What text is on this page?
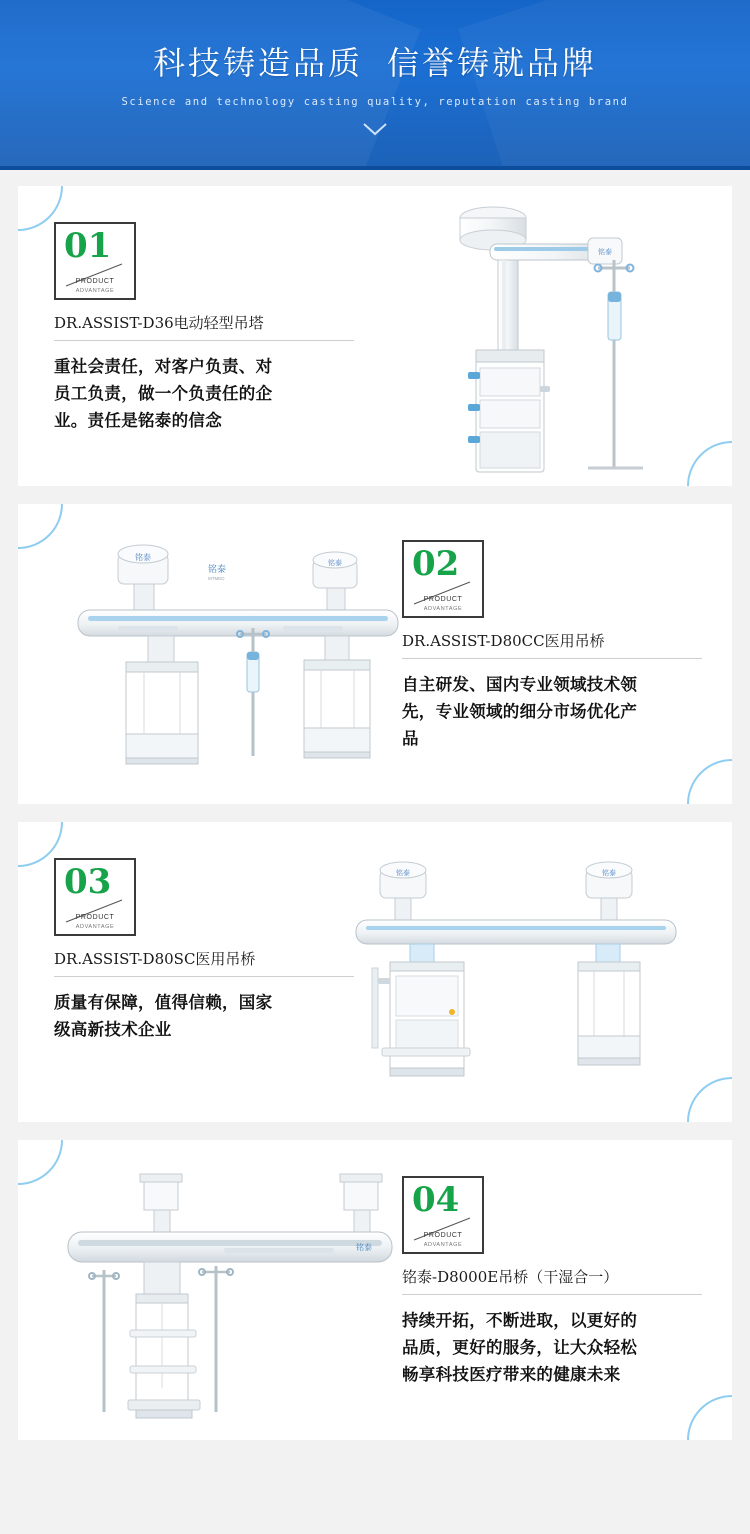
科技铸造品质 信誉铸就品牌
Science and technology casting quality, reputation casting brand
01
PRODUCT
ADVANTAGE
DR.ASSIST-D36电动轻型吊塔
重社会责任，对客户负责、对员工负责，做一个负责任的企业。责任是铭泰的信念
铭泰
02
PRODUCT
ADVANTAGE
DR.ASSIST-D80CC医用吊桥
自主研发、国内专业领域技术领先，专业领域的细分市场优化产品
铭泰
铭泰
铭泰
MTMED
03
PRODUCT
ADVANTAGE
DR.ASSIST-D80SC医用吊桥
质量有保障，值得信赖，国家级高新技术企业
铭泰	铭泰
04
PRODUCT
ADVANTAGE
铭泰-D8000E吊桥（干湿合一）
持续开拓，不断进取，以更好的品质，更好的服务，让大众轻松畅享科技医疗带来的健康未来
铭泰
